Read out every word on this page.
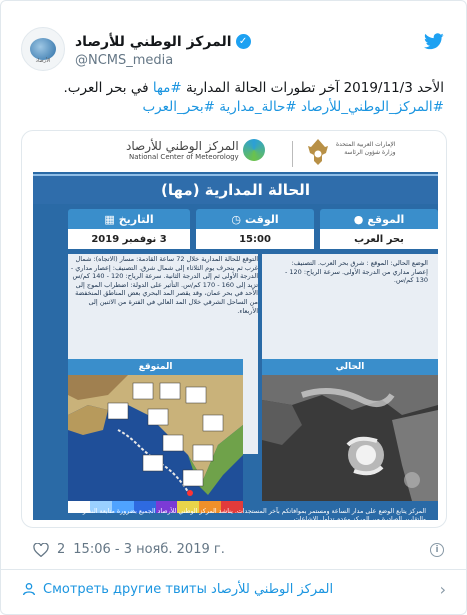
الأرصاد
✓
المركز الوطني للأرصاد
@NCMS_media
الأحد 2019/11/3 آخر تطورات الحالة المدارية #مها في بحر العرب.
#المركز_الوطني_للأرصاد #حالة_مدارية #بحر_العرب
المركز الوطني للأرصاد
National Center of Meteorology
الإمارات العربية المتحدة
وزارة شؤون الرئاسة
الحالة المدارية (مها)
التاريخ
▦
3 نوفمبر 2019
الوقت
◷
15:00
الموقع
●
بحر العرب
التوقع للحالة المدارية خلال 72 ساعة القادمة: مسار (الاتجاه): شمال غرب ثم ينحرف يوم الثلاثاء إلى شمال شرق. التصنيف: إعصار مداري - الدرجة الأولى ثم إلى الدرجة الثانية. سرعة الرياح: 120 - 140 كم/س تزيد إلى 160 - 170 كم/س. التأثير على الدولة: اضطراب الموج إلى الأحد في بحر عمان، وقد يقصر المد البحري بعض المناطق المنخفضة من الساحل الشرقي خلال المد العالي في الفترة من الاثنين إلى الأربعاء.
الوضع الحالي: الموقع : شرق بحر العرب. التصنيف: إعصار مداري من الدرجة الأولى. سرعة الرياح: 120 - 130 كم/س.
المتوقع	الحالي
المركز يتابع الوضع على مدار الساعة ومستمر بموافاتكم بآخر المستجدات. يناشد المركز الوطني للأرصاد الجميع بضرورة متابعة النشرات والتقارير الصادرة من المركز وعدم تداول الإشاعات.
2 15:06 - 3 нояб. 2019 г.	i
Смотреть другие твиты المركز الوطني للأرصاد	›
